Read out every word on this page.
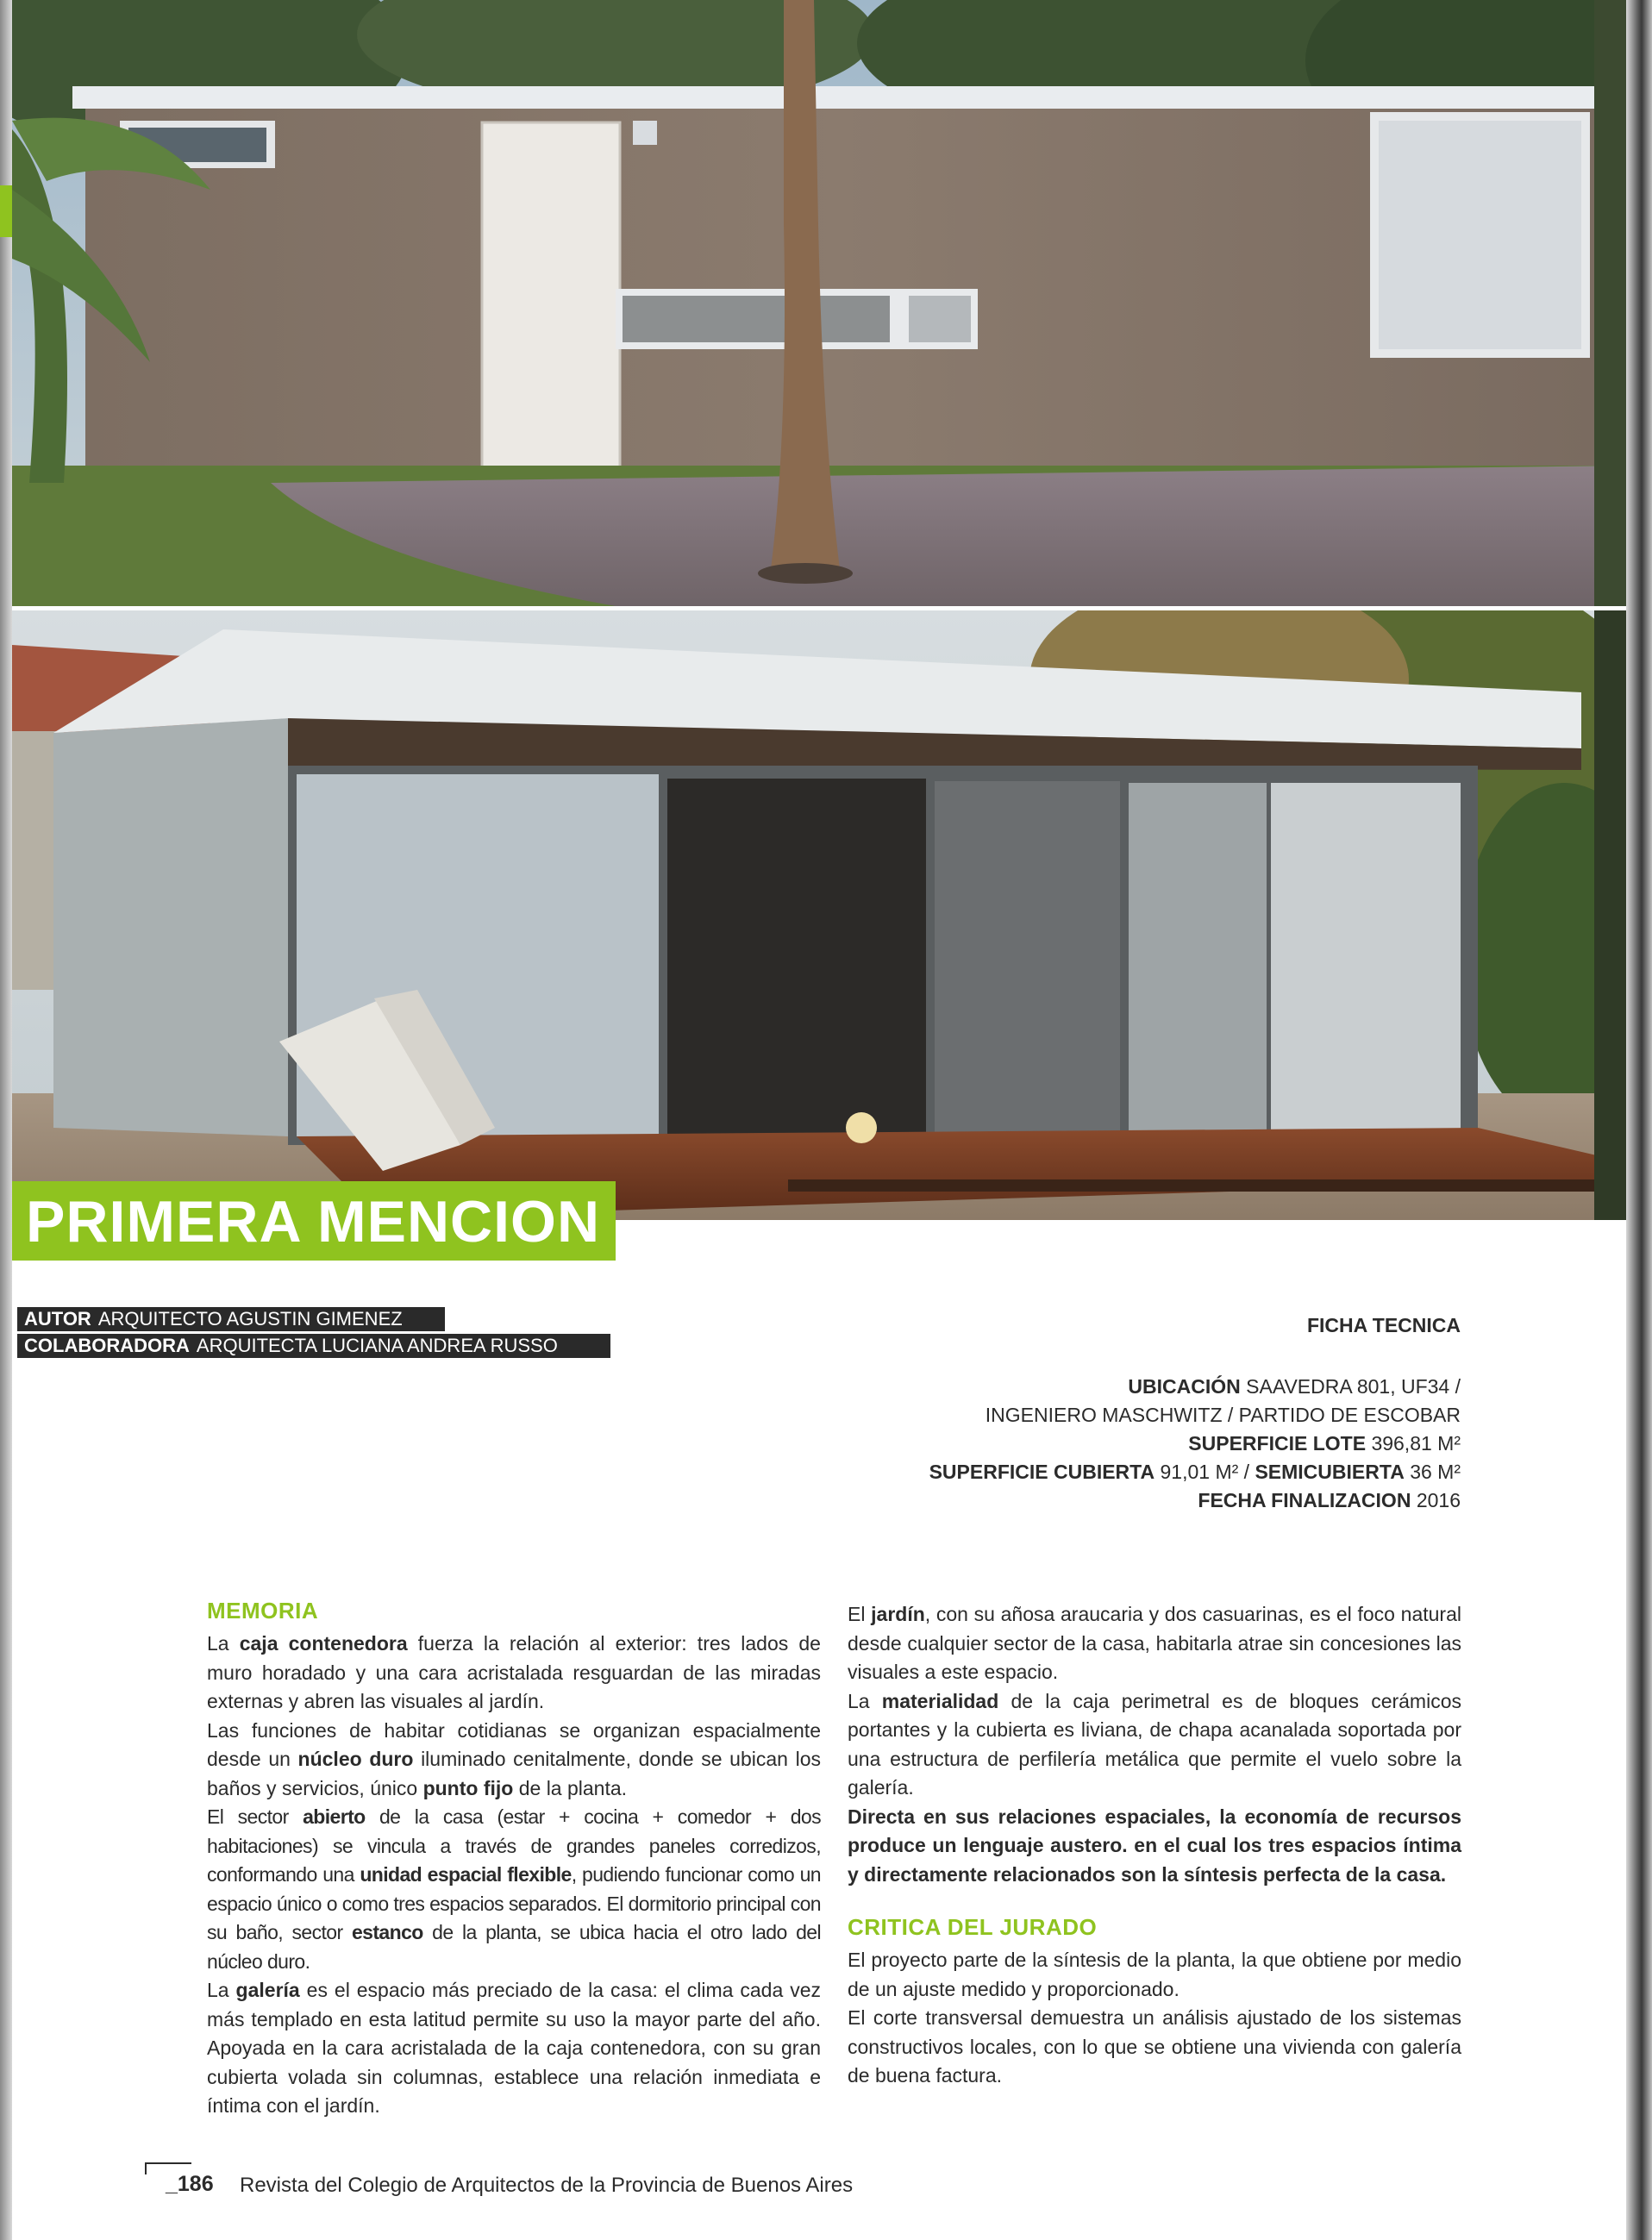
PRIMERA MENCION
AUTOR ARQUITECTO AGUSTIN GIMENEZ
COLABORADORA ARQUITECTA LUCIANA ANDREA RUSSO
FICHA TECNICA
UBICACIÓN SAAVEDRA 801, UF34 /
INGENIERO MASCHWITZ / PARTIDO DE ESCOBAR
SUPERFICIE LOTE 396,81 M²
SUPERFICIE CUBIERTA 91,01 M² / SEMICUBIERTA 36 M²
FECHA FINALIZACION 2016
MEMORIA

La caja contenedora fuerza la relación al exterior: tres lados de muro horadado y una cara acristalada resguardan de las miradas externas y abren las visuales al jardín.

Las funciones de habitar cotidianas se organizan espacialmente desde un núcleo duro iluminado cenitalmente, donde se ubican los baños y servicios, único punto fijo de la planta.

El sector abierto de la casa (estar + cocina + comedor + dos habitaciones) se vincula a través de grandes paneles corredizos, conformando una unidad espacial flexible, pudiendo funcionar como un espacio único o como tres espacios separados. El dormitorio principal con su baño, sector estanco de la planta, se ubica hacia el otro lado del núcleo duro.

La galería es el espacio más preciado de la casa: el clima cada vez más templado en esta latitud permite su uso la mayor parte del año. Apoyada en la cara acristalada de la caja contenedora, con su gran cubierta volada sin columnas, establece una relación inmediata e íntima con el jardín.

El jardín, con su añosa araucaria y dos casuarinas, es el foco natural desde cualquier sector de la casa, habitarla atrae sin concesiones las visuales a este espacio.

La materialidad de la caja perimetral es de bloques cerámicos portantes y la cubierta es liviana, de chapa acanalada soportada por una estructura de perfilería metálica que permite el vuelo sobre la galería.

Directa en sus relaciones espaciales, la economía de recursos produce un lenguaje austero. en el cual los tres espacios íntima y directamente relacionados son la síntesis perfecta de la casa.

CRITICA DEL JURADO

El proyecto parte de la síntesis de la planta, la que obtiene por medio de un ajuste medido y proporcionado.

El corte transversal demuestra un análisis ajustado de los sistemas constructivos locales, con lo que se obtiene una vivienda con galería de buena factura.

_186 Revista del Colegio de Arquitectos de la Provincia de Buenos Aires
